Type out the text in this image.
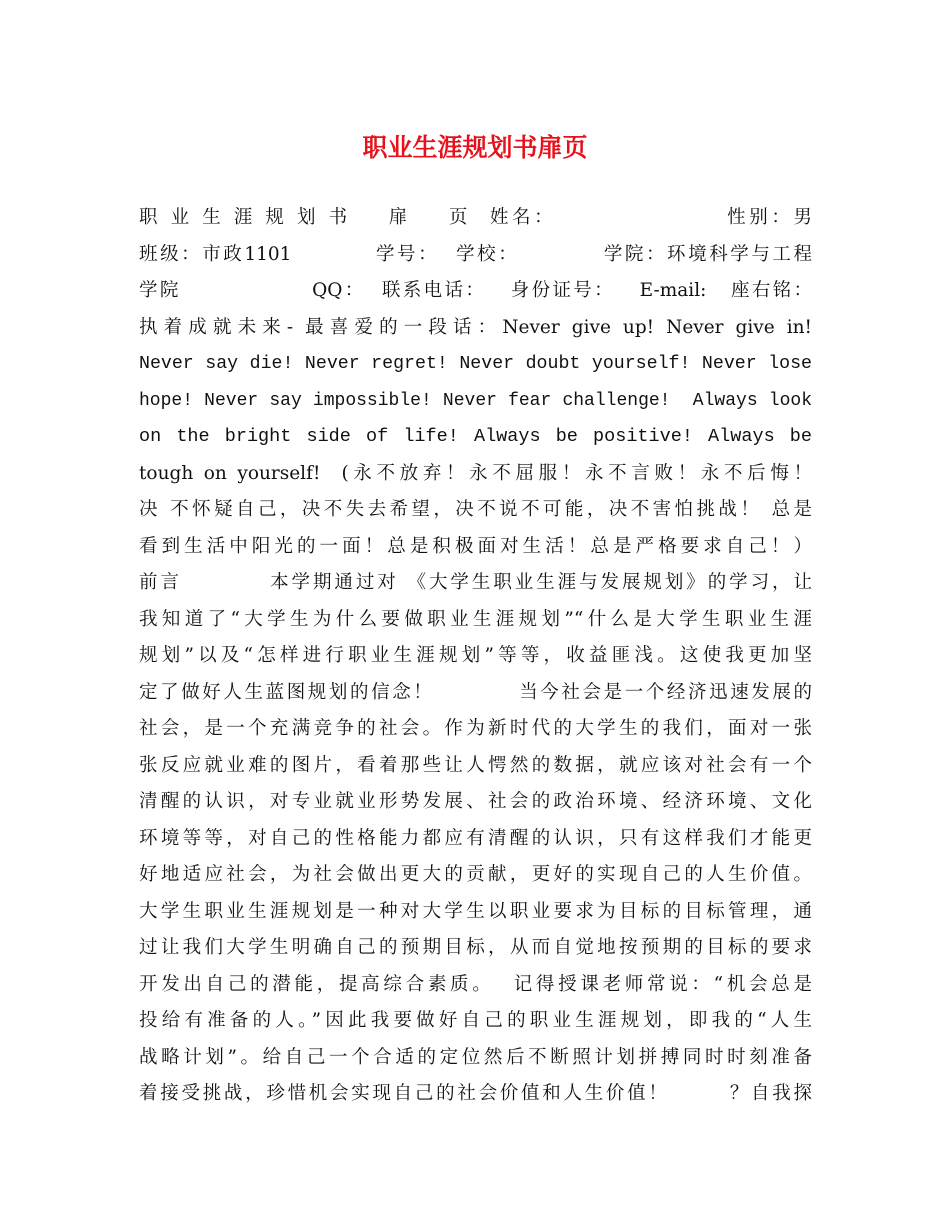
职业生涯规划书扉页
职 业 生 涯 规 划 书    扉    页  姓名：                  性别：男
班级：市政1101          学号：  学校：          学院：环境科学与工程
学院                QQ：  联系电话：   身份证号：   E-mail:   座右铭：
执着成就未来- 最喜爱的一段话：Never give up! Never give in!
Never say die! Never regret! Never doubt yourself! Never lose
hope! Never say impossible! Never fear challenge!  Always look
on the bright side of life! Always be positive! Always be
tough on yourself!  (永不放弃！永不屈服！永不言败！永不后悔！
决 不怀疑自己，决不失去希望，决不说不可能，决不害怕挑战！ 总是
看到生活中阳光的一面！总是积极面对生活！总是严格要求自己！）
前言          本学期通过对 《大学生职业生涯与发展规划》的学习，让
我知道了“大学生为什么要做职业生涯规划”“什么是大学生职业生涯
规划”以及“怎样进行职业生涯规划”等等，收益匪浅。这使我更加坚
定了做好人生蓝图规划的信念！          当今社会是一个经济迅速发展的
社会，是一个充满竞争的社会。作为新时代的大学生的我们，面对一张
张反应就业难的图片，看着那些让人愕然的数据，就应该对社会有一个
清醒的认识，对专业就业形势发展、社会的政治环境、经济环境、文化
环境等等，对自己的性格能力都应有清醒的认识，只有这样我们才能更
好地适应社会，为社会做出更大的贡献，更好的实现自己的人生价值。
大学生职业生涯规划是一种对大学生以职业要求为目标的目标管理，通
过让我们大学生明确自己的预期目标，从而自觉地按预期的目标的要求
开发出自己的潜能，提高综合素质。  记得授课老师常说：“机会总是
投给有准备的人。”因此我要做好自己的职业生涯规划，即我的“人生
战略计划”。给自己一个合适的定位然后不断照计划拼搏同时时刻准备
着接受挑战，珍惜机会实现自己的社会价值和人生价值！       ？自我探
